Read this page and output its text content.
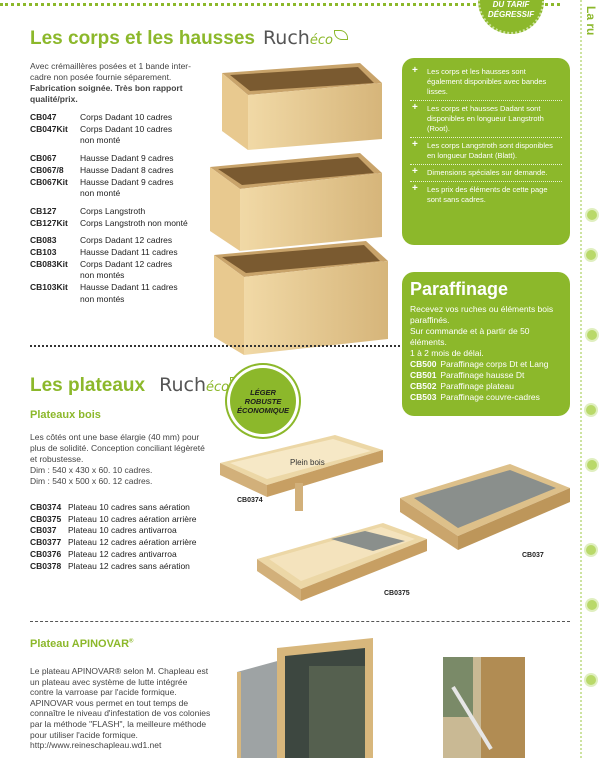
DU TARIF
DÉGRESSIF	La ru
Les corps et les hausses Ruchéco
Avec crémaillères posées et 1 bande inter-cadre non posée fournie séparement. Fabrication soignée. Très bon rapport qualité/prix.
CB047	Corps Dadant 10 cadres
CB047Kit	Corps Dadant 10 cadres
non monté
CB067	Hausse Dadant 9 cadres
CB067/8	Hausse Dadant 8 cadres
CB067Kit	Hausse Dadant 9 cadres
non monté
CB127	Corps Langstroth
CB127Kit	Corps Langstroth non monté
CB083	Corps Dadant 12 cadres
CB103	Hausse Dadant 11 cadres
CB083Kit	Corps Dadant 12 cadres
non montés
CB103Kit	Hausse Dadant 11 cadres
non montés
+ Les corps et les hausses sont également disponibles avec bandes lisses.
+ Les corps et hausses Dadant sont disponibles en longueur Langstroth (Root).
+ Les corps Langstroth sont disponibles en longueur Dadant (Blatt).
+ Dimensions spéciales sur demande.
+ Les prix des éléments de cette page sont sans cadres.
Paraffinage
Recevez vos ruches ou éléments bois paraffinés.
Sur commande et à partir de 50 éléments.
1 à 2 mois de délai.
CB500 Paraffinage corps Dt et Lang
CB501 Paraffinage hausse Dt
CB502 Paraffinage plateau
CB503 Paraffinage couvre-cadres
Les plateaux Ruchéco	LÉGER
ROBUSTE
ÉCONOMIQUE
Plateaux bois
Les côtés ont une base élargie (40 mm) pour plus de solidité. Conception conciliant légèreté et robustesse.
Dim : 540 x 430 x 60. 10 cadres.
Dim : 540 x 500 x 60. 12 cadres.
CB0374 Plateau 10 cadres sans aération
CB0375 Plateau 10 cadres aération arrière
CB037	Plateau 10 cadres antivarroa
CB0377 Plateau 12 cadres aération arrière
CB0376 Plateau 12 cadres antivarroa
CB0378 Plateau 12 cadres sans aération
Plein bois
CB0374
CB037
CB0375
Plateau APINOVAR®
Le plateau APINOVAR® selon M. Chapleau est un plateau avec système de lutte intégrée contre la varroase par l'acide formique. APINOVAR vous permet en tout temps de connaître le niveau d'infestation de vos colonies par la méthode "FLASH", la meilleure méthode pour utiliser l'acide formique.
http://www.reineschapleau.wd1.net
